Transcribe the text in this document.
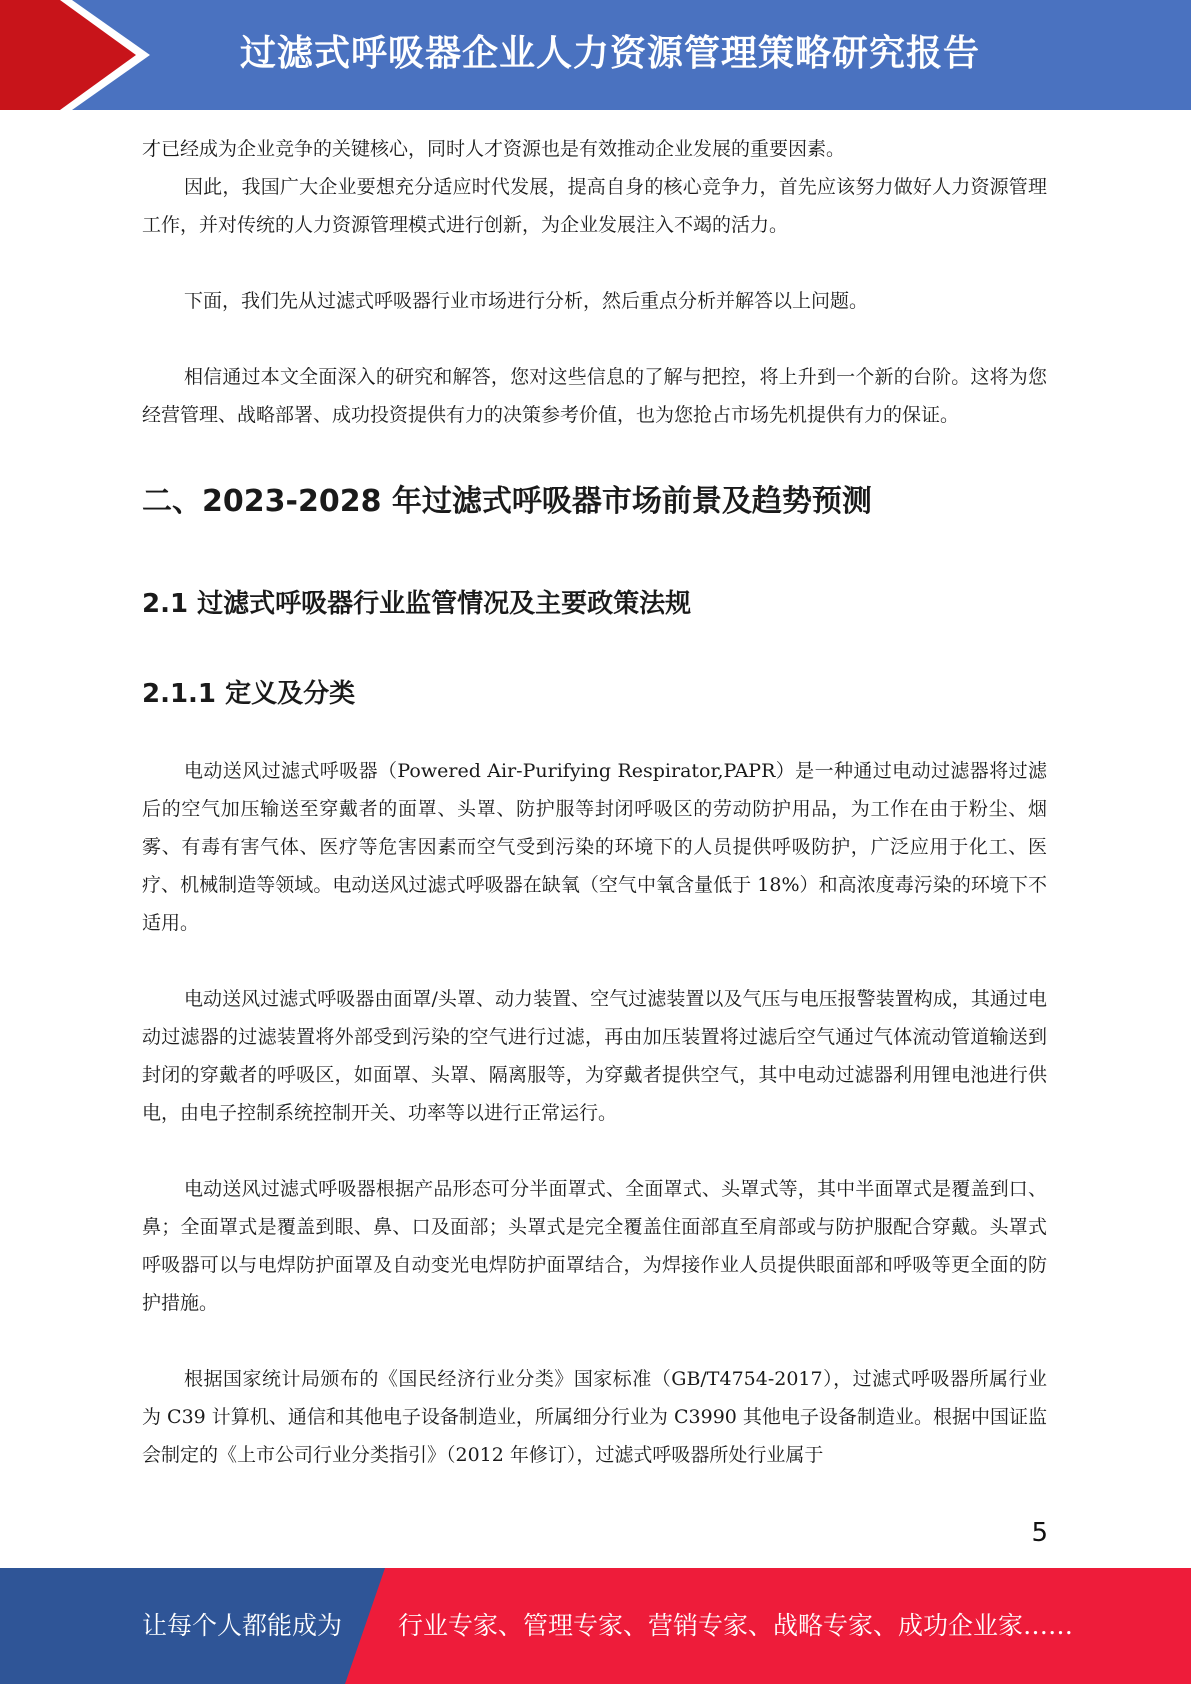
过滤式呼吸器企业人力资源管理策略研究报告

才已经成为企业竞争的关键核心，同时人才资源也是有效推动企业发展的重要因素。

因此，我国广大企业要想充分适应时代发展，提高自身的核心竞争力，首先应该努力做好人力资源管理工作，并对传统的人力资源管理模式进行创新，为企业发展注入不竭的活力。

下面，我们先从过滤式呼吸器行业市场进行分析，然后重点分析并解答以上问题。

相信通过本文全面深入的研究和解答，您对这些信息的了解与把控，将上升到一个新的台阶。这将为您经营管理、战略部署、成功投资提供有力的决策参考价值，也为您抢占市场先机提供有力的保证。

二、2023-2028 年过滤式呼吸器市场前景及趋势预测
2.1 过滤式呼吸器行业监管情况及主要政策法规
2.1.1 定义及分类

电动送风过滤式呼吸器（Powered Air-Purifying Respirator,PAPR）是一种通过电动过滤器将过滤后的空气加压输送至穿戴者的面罩、头罩、防护服等封闭呼吸区的劳动防护用品，为工作在由于粉尘、烟雾、有毒有害气体、医疗等危害因素而空气受到污染的环境下的人员提供呼吸防护，广泛应用于化工、医疗、机械制造等领域。电动送风过滤式呼吸器在缺氧（空气中氧含量低于 18%）和高浓度毒污染的环境下不适用。

电动送风过滤式呼吸器由面罩/头罩、动力装置、空气过滤装置以及气压与电压报警装置构成，其通过电动过滤器的过滤装置将外部受到污染的空气进行过滤，再由加压装置将过滤后空气通过气体流动管道输送到封闭的穿戴者的呼吸区，如面罩、头罩、隔离服等，为穿戴者提供空气，其中电动过滤器利用锂电池进行供电，由电子控制系统控制开关、功率等以进行正常运行。

电动送风过滤式呼吸器根据产品形态可分半面罩式、全面罩式、头罩式等，其中半面罩式是覆盖到口、鼻；全面罩式是覆盖到眼、鼻、口及面部；头罩式是完全覆盖住面部直至肩部或与防护服配合穿戴。头罩式呼吸器可以与电焊防护面罩及自动变光电焊防护面罩结合，为焊接作业人员提供眼面部和呼吸等更全面的防护措施。

根据国家统计局颁布的《国民经济行业分类》国家标准（GB/T4754-2017），过滤式呼吸器所属行业为 C39 计算机、通信和其他电子设备制造业，所属细分行业为 C3990 其他电子设备制造业。根据中国证监会制定的《上市公司行业分类指引》（2012 年修订），过滤式呼吸器所处行业属于

5
让每个人都能成为 行业专家、管理专家、营销专家、战略专家、成功企业家……
